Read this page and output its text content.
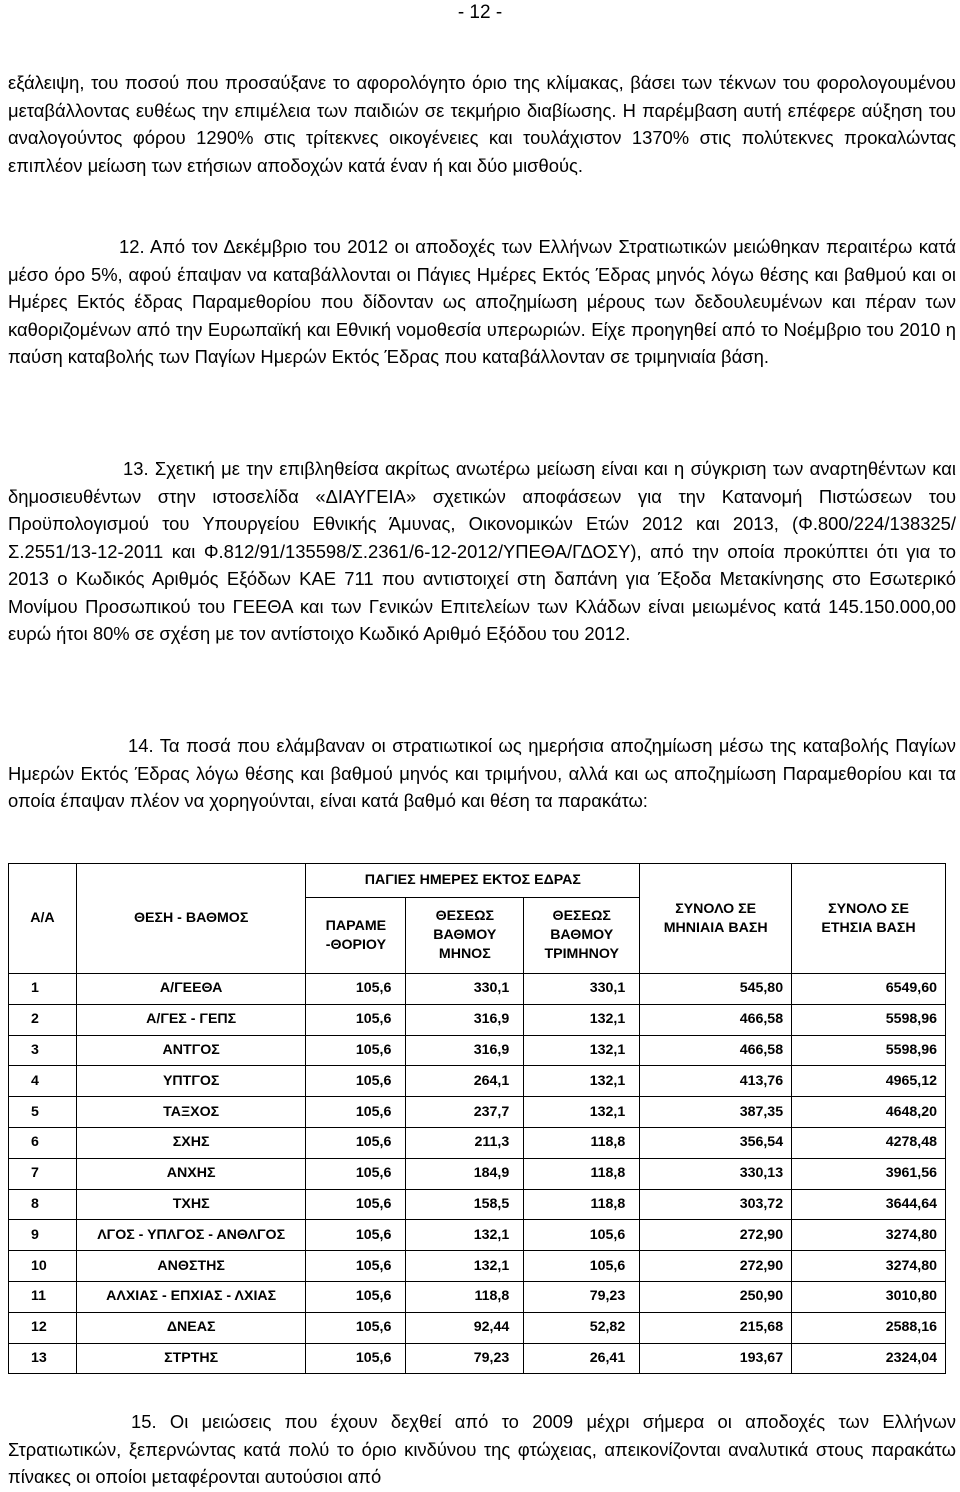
- 12 -

εξάλειψη, του ποσού που προσαύξανε το αφορολόγητο όριο της κλίμακας, βάσει των τέκνων του φορολογουμένου μεταβάλλοντας ευθέως την επιμέλεια των παιδιών σε τεκμήριο διαβίωσης. Η παρέμβαση αυτή επέφερε αύξηση του αναλογούντος φόρου 1290% στις τρίτεκνες οικογένειες και τουλάχιστον 1370% στις πολύτεκνες προκαλώντας επιπλέον μείωση των ετήσιων αποδοχών κατά έναν ή και δύο μισθούς.

12. Από τον Δεκέμβριο του 2012 οι αποδοχές των Ελλήνων Στρατιωτικών μειώθηκαν περαιτέρω κατά μέσο όρο 5%, αφού έπαψαν να καταβάλλονται οι Πάγιες Ημέρες Εκτός Έδρας μηνός λόγω θέσης και βαθμού και οι Ημέρες Εκτός έδρας Παραμεθορίου που δίδονταν ως αποζημίωση μέρους των δεδουλευμένων και πέραν των καθοριζομένων από την Ευρωπαϊκή και Εθνική νομοθεσία υπερωριών. Είχε προηγηθεί από το Νοέμβριο του 2010 η παύση καταβολής των Παγίων Ημερών Εκτός Έδρας που καταβάλλονταν σε τριμηνιαία βάση.

13. Σχετική με την επιβληθείσα ακρίτως ανωτέρω μείωση είναι και η σύγκριση των αναρτηθέντων και δημοσιευθέντων στην ιστοσελίδα «ΔΙΑΥΓΕΙΑ» σχετικών αποφάσεων για την Κατανομή Πιστώσεων του Προϋπολογισμού του Υπουργείου Εθνικής Άμυνας, Οικονομικών Ετών 2012 και 2013, (Φ.800/224/138325/Σ.2551/13-12-2011 και Φ.812/91/135598/Σ.2361/6-12-2012/ΥΠΕΘΑ/ΓΔΟΣΥ), από την οποία προκύπτει ότι για το 2013 ο Κωδικός Αριθμός Εξόδων ΚΑΕ 711 που αντιστοιχεί στη δαπάνη για Έξοδα Μετακίνησης στο Εσωτερικό Μονίμου Προσωπικού του ΓΕΕΘΑ και των Γενικών Επιτελείων των Κλάδων είναι μειωμένος κατά 145.150.000,00 ευρώ ήτοι 80% σε σχέση με τον αντίστοιχο Κωδικό Αριθμό Εξόδου του 2012.

14. Τα ποσά που ελάμβαναν οι στρατιωτικοί ως ημερήσια αποζημίωση μέσω της καταβολής Παγίων Ημερών Εκτός Έδρας λόγω θέσης και βαθμού μηνός και τριμήνου, αλλά και ως αποζημίωση Παραμεθορίου και τα οποία έπαψαν πλέον να χορηγούνται, είναι κατά βαθμό και θέση τα παρακάτω:

Α/Α	ΘΕΣΗ - ΒΑΘΜΟΣ	ΠΑΓΙΕΣ ΗΜΕΡΕΣ ΕΚΤΟΣ ΕΔΡΑΣ			ΣΥΝΟΛΟ ΣΕ ΜΗΝΙΑΙΑ ΒΑΣΗ	ΣΥΝΟΛΟ ΣΕ ΕΤΗΣΙΑ ΒΑΣΗ

		ΠΑΡΑΜΕ -ΘΟΡΙΟΥ	ΘΕΣΕΩΣ ΒΑΘΜΟΥ ΜΗΝΟΣ	ΘΕΣΕΩΣ ΒΑΘΜΟΥ ΤΡΙΜΗΝΟΥ		

1	Α/ΓΕΕΘΑ	105,6	330,1	330,1	545,80	6549,60
2	Α/ΓΕΣ - ΓΕΠΣ	105,6	316,9	132,1	466,58	5598,96
3	ΑΝΤΓΟΣ	105,6	316,9	132,1	466,58	5598,96
4	ΥΠΤΓΟΣ	105,6	264,1	132,1	413,76	4965,12
5	ΤΑΞΧΟΣ	105,6	237,7	132,1	387,35	4648,20
6	ΣΧΗΣ	105,6	211,3	118,8	356,54	4278,48
7	ΑΝΧΗΣ	105,6	184,9	118,8	330,13	3961,56
8	ΤΧΗΣ	105,6	158,5	118,8	303,72	3644,64
9	ΛΓΟΣ - ΥΠΛΓΟΣ - ΑΝΘΛΓΟΣ	105,6	132,1	105,6	272,90	3274,80
10	ΑΝΘΣΤΗΣ	105,6	132,1	105,6	272,90	3274,80
11	ΑΛΧΙΑΣ - ΕΠΧΙΑΣ - ΛΧΙΑΣ	105,6	118,8	79,23	250,90	3010,80
12	ΔΝΕΑΣ	105,6	92,44	52,82	215,68	2588,16
13	ΣΤΡΤΗΣ	105,6	79,23	26,41	193,67	2324,04

15. Οι μειώσεις που έχουν δεχθεί από το 2009 μέχρι σήμερα οι αποδοχές των Ελλήνων Στρατιωτικών, ξεπερνώντας κατά πολύ το όριο κινδύνου της φτώχειας, απεικονίζονται αναλυτικά στους παρακάτω πίνακες οι οποίοι μεταφέρονται αυτούσιοι από
